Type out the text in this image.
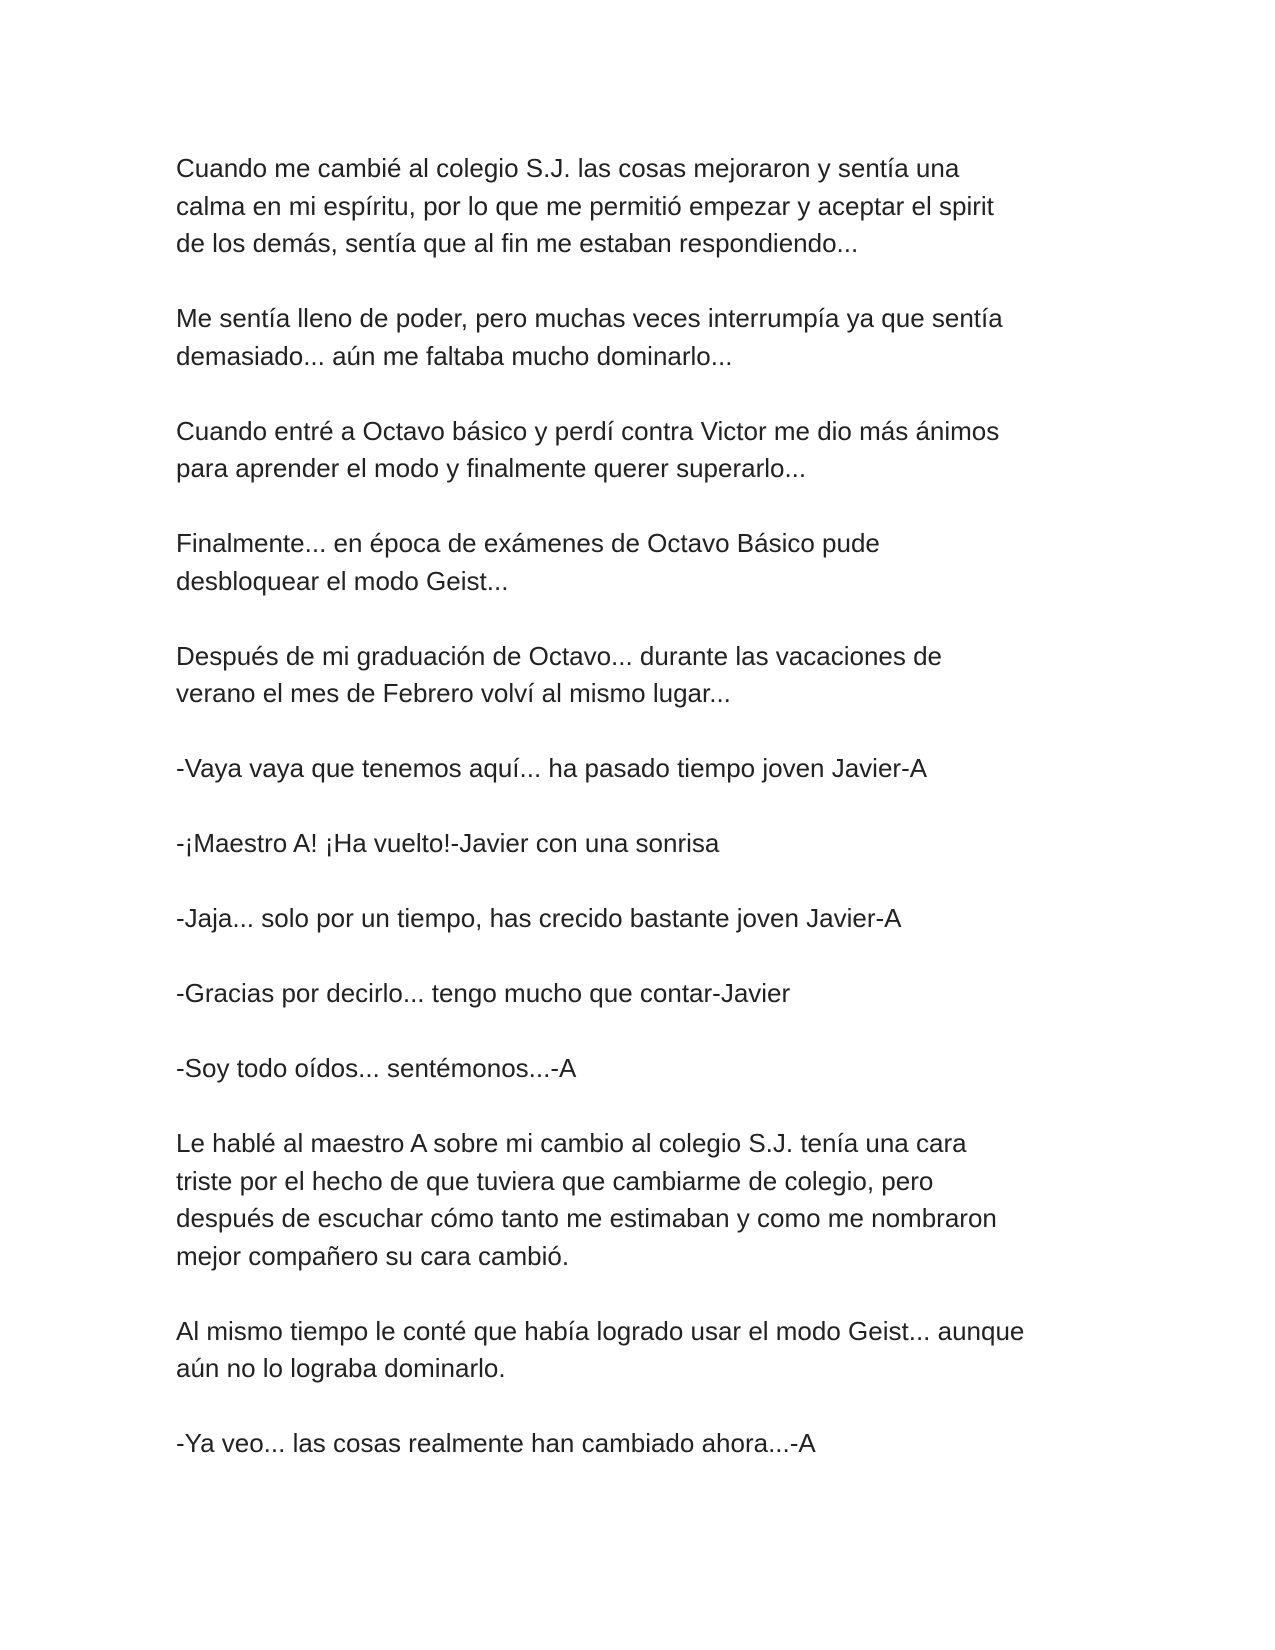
Cuando me cambié al colegio S.J. las cosas mejoraron y sentía una
calma en mi espíritu, por lo que me permitió empezar y aceptar el spirit
de los demás, sentía que al fin me estaban respondiendo...

Me sentía lleno de poder, pero muchas veces interrumpía ya que sentía
demasiado... aún me faltaba mucho dominarlo...

Cuando entré a Octavo básico y perdí contra Victor me dio más ánimos
para aprender el modo y finalmente querer superarlo...

Finalmente... en época de exámenes de Octavo Básico pude
desbloquear el modo Geist...

Después de mi graduación de Octavo... durante las vacaciones de
verano el mes de Febrero volví al mismo lugar...

-Vaya vaya que tenemos aquí... ha pasado tiempo joven Javier-A

-¡Maestro A! ¡Ha vuelto!-Javier con una sonrisa

-Jaja... solo por un tiempo, has crecido bastante joven Javier-A

-Gracias por decirlo... tengo mucho que contar-Javier

-Soy todo oídos... sentémonos...-A

Le hablé al maestro A sobre mi cambio al colegio S.J. tenía una cara
triste por el hecho de que tuviera que cambiarme de colegio, pero
después de escuchar cómo tanto me estimaban y como me nombraron
mejor compañero su cara cambió.

Al mismo tiempo le conté que había logrado usar el modo Geist... aunque
aún no lo lograba dominarlo.

-Ya veo... las cosas realmente han cambiado ahora...-A
